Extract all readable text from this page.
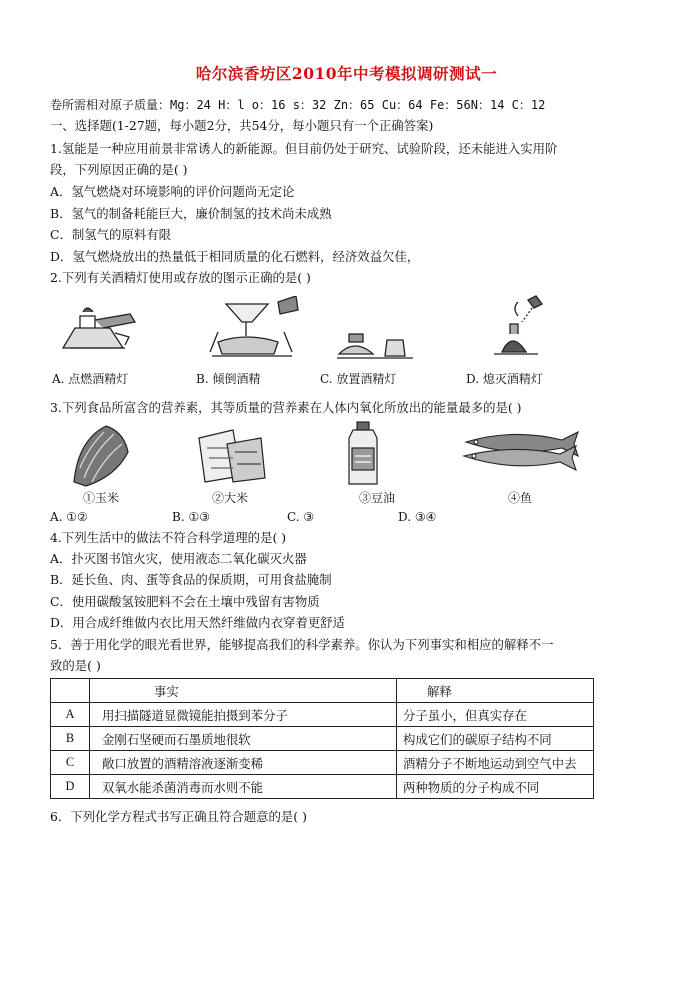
哈尔滨香坊区2010年中考模拟调研测试一
卷所需相对原子质量：Mg：24 H：l o：16 s：32 Zn：65 Cu：64 Fe：56N：14 C：12
一、选择题(1-27题，每小题2分，共54分，每小题只有一个正确答案)
1.氢能是一种应用前景非常诱人的新能源。但目前仍处于研究、试验阶段，还未能进入实用阶
段，下列原因正确的是( )
A．氢气燃烧对环境影响的评价问题尚无定论
B．氢气的制备耗能巨大，廉价制氢的技术尚未成熟
C．制氢气的原料有限
D．氢气燃烧放出的热量低于相同质量的化石燃料，经济效益欠佳，
2.下列有关酒精灯使用或存放的图示正确的是( )
A. 点燃酒精灯	B. 倾倒酒精	C. 放置酒精灯	D. 熄灭酒精灯
3.下列食品所富含的营养素，其等质量的营养素在人体内氧化所放出的能量最多的是( )
①玉米	②大米	③豆油	④鱼
A. ①②	B. ①③	C. ③	D. ③④
4.下列生活中的做法不符合科学道理的是( )
A．扑灭图书馆火灾，使用液态二氧化碳灭火器
B．延长鱼、肉、蛋等食品的保质期，可用食盐腌制
C．使用碳酸氢铵肥料不会在土壤中残留有害物质
D．用合成纤维做内衣比用天然纤维做内衣穿着更舒适
5．善于用化学的眼光看世界，能够提高我们的科学素养。你认为下列事实和相应的解释不一
致的是( )
	事实	解释
A	用扫描隧道显微镜能拍摄到苯分子	分子虽小，但真实存在
B	金刚石坚硬而石墨质地很软	构成它们的碳原子结构不同
C	敞口放置的酒精溶液逐渐变稀	酒精分子不断地运动到空气中去
D	双氧水能杀菌消毒而水则不能	两种物质的分子构成不同
6．下列化学方程式书写正确且符合题意的是( )
